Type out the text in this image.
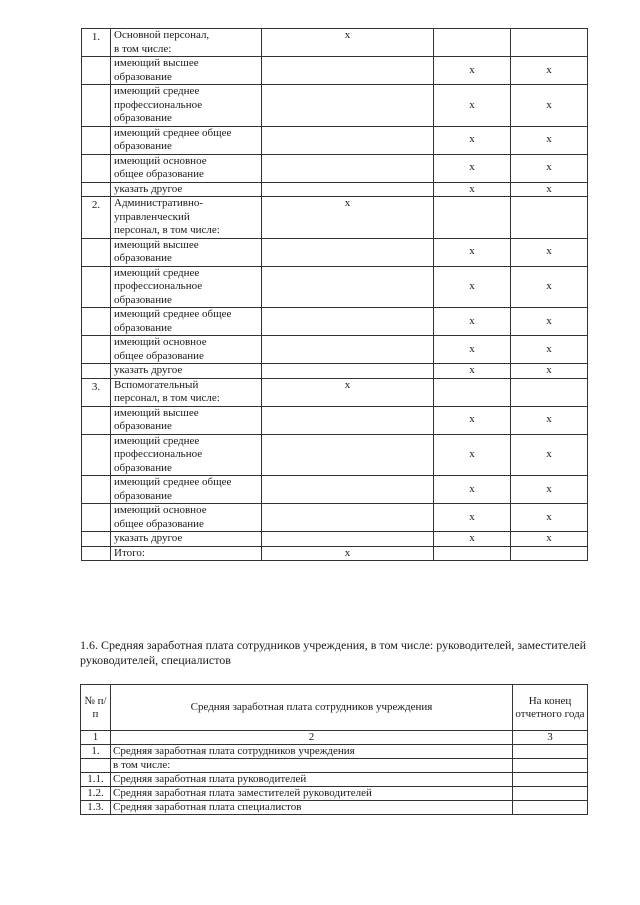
1.	Основной персонал,
в том числе:	х		

	имеющий высшее
образование		х	х

	имеющий среднее
профессиональное
образование		х	х

	имеющий среднее общее
образование		х	х

	имеющий основное
общее образование		х	х

	указать другое		х	х
2.	Административно-
управленческий
персонал, в том числе:	х		

	имеющий высшее
образование		х	х

	имеющий среднее
профессиональное
образование		х	х

	имеющий среднее общее
образование		х	х

	имеющий основное
общее образование		х	х

	указать другое		х	х
3.	Вспомогательный
персонал, в том числе:	х		

	имеющий высшее
образование		х	х

	имеющий среднее
профессиональное
образование		х	х

	имеющий среднее общее
образование		х	х

	имеющий основное
общее образование		х	х

	указать другое		х	х
	Итого:	х		
1.6. Средняя заработная плата сотрудников учреждения, в том числе: руководителей, заместителей руководителей, специалистов
№ п/п	Средняя заработная плата сотрудников учреждения	На конец отчетного года
1	2	3
1.	Средняя заработная плата сотрудников учреждения	
	в том числе:	
1.1.	Средняя заработная плата руководителей	
1.2.	Средняя заработная плата заместителей руководителей	
1.3.	Средняя заработная плата специалистов	
